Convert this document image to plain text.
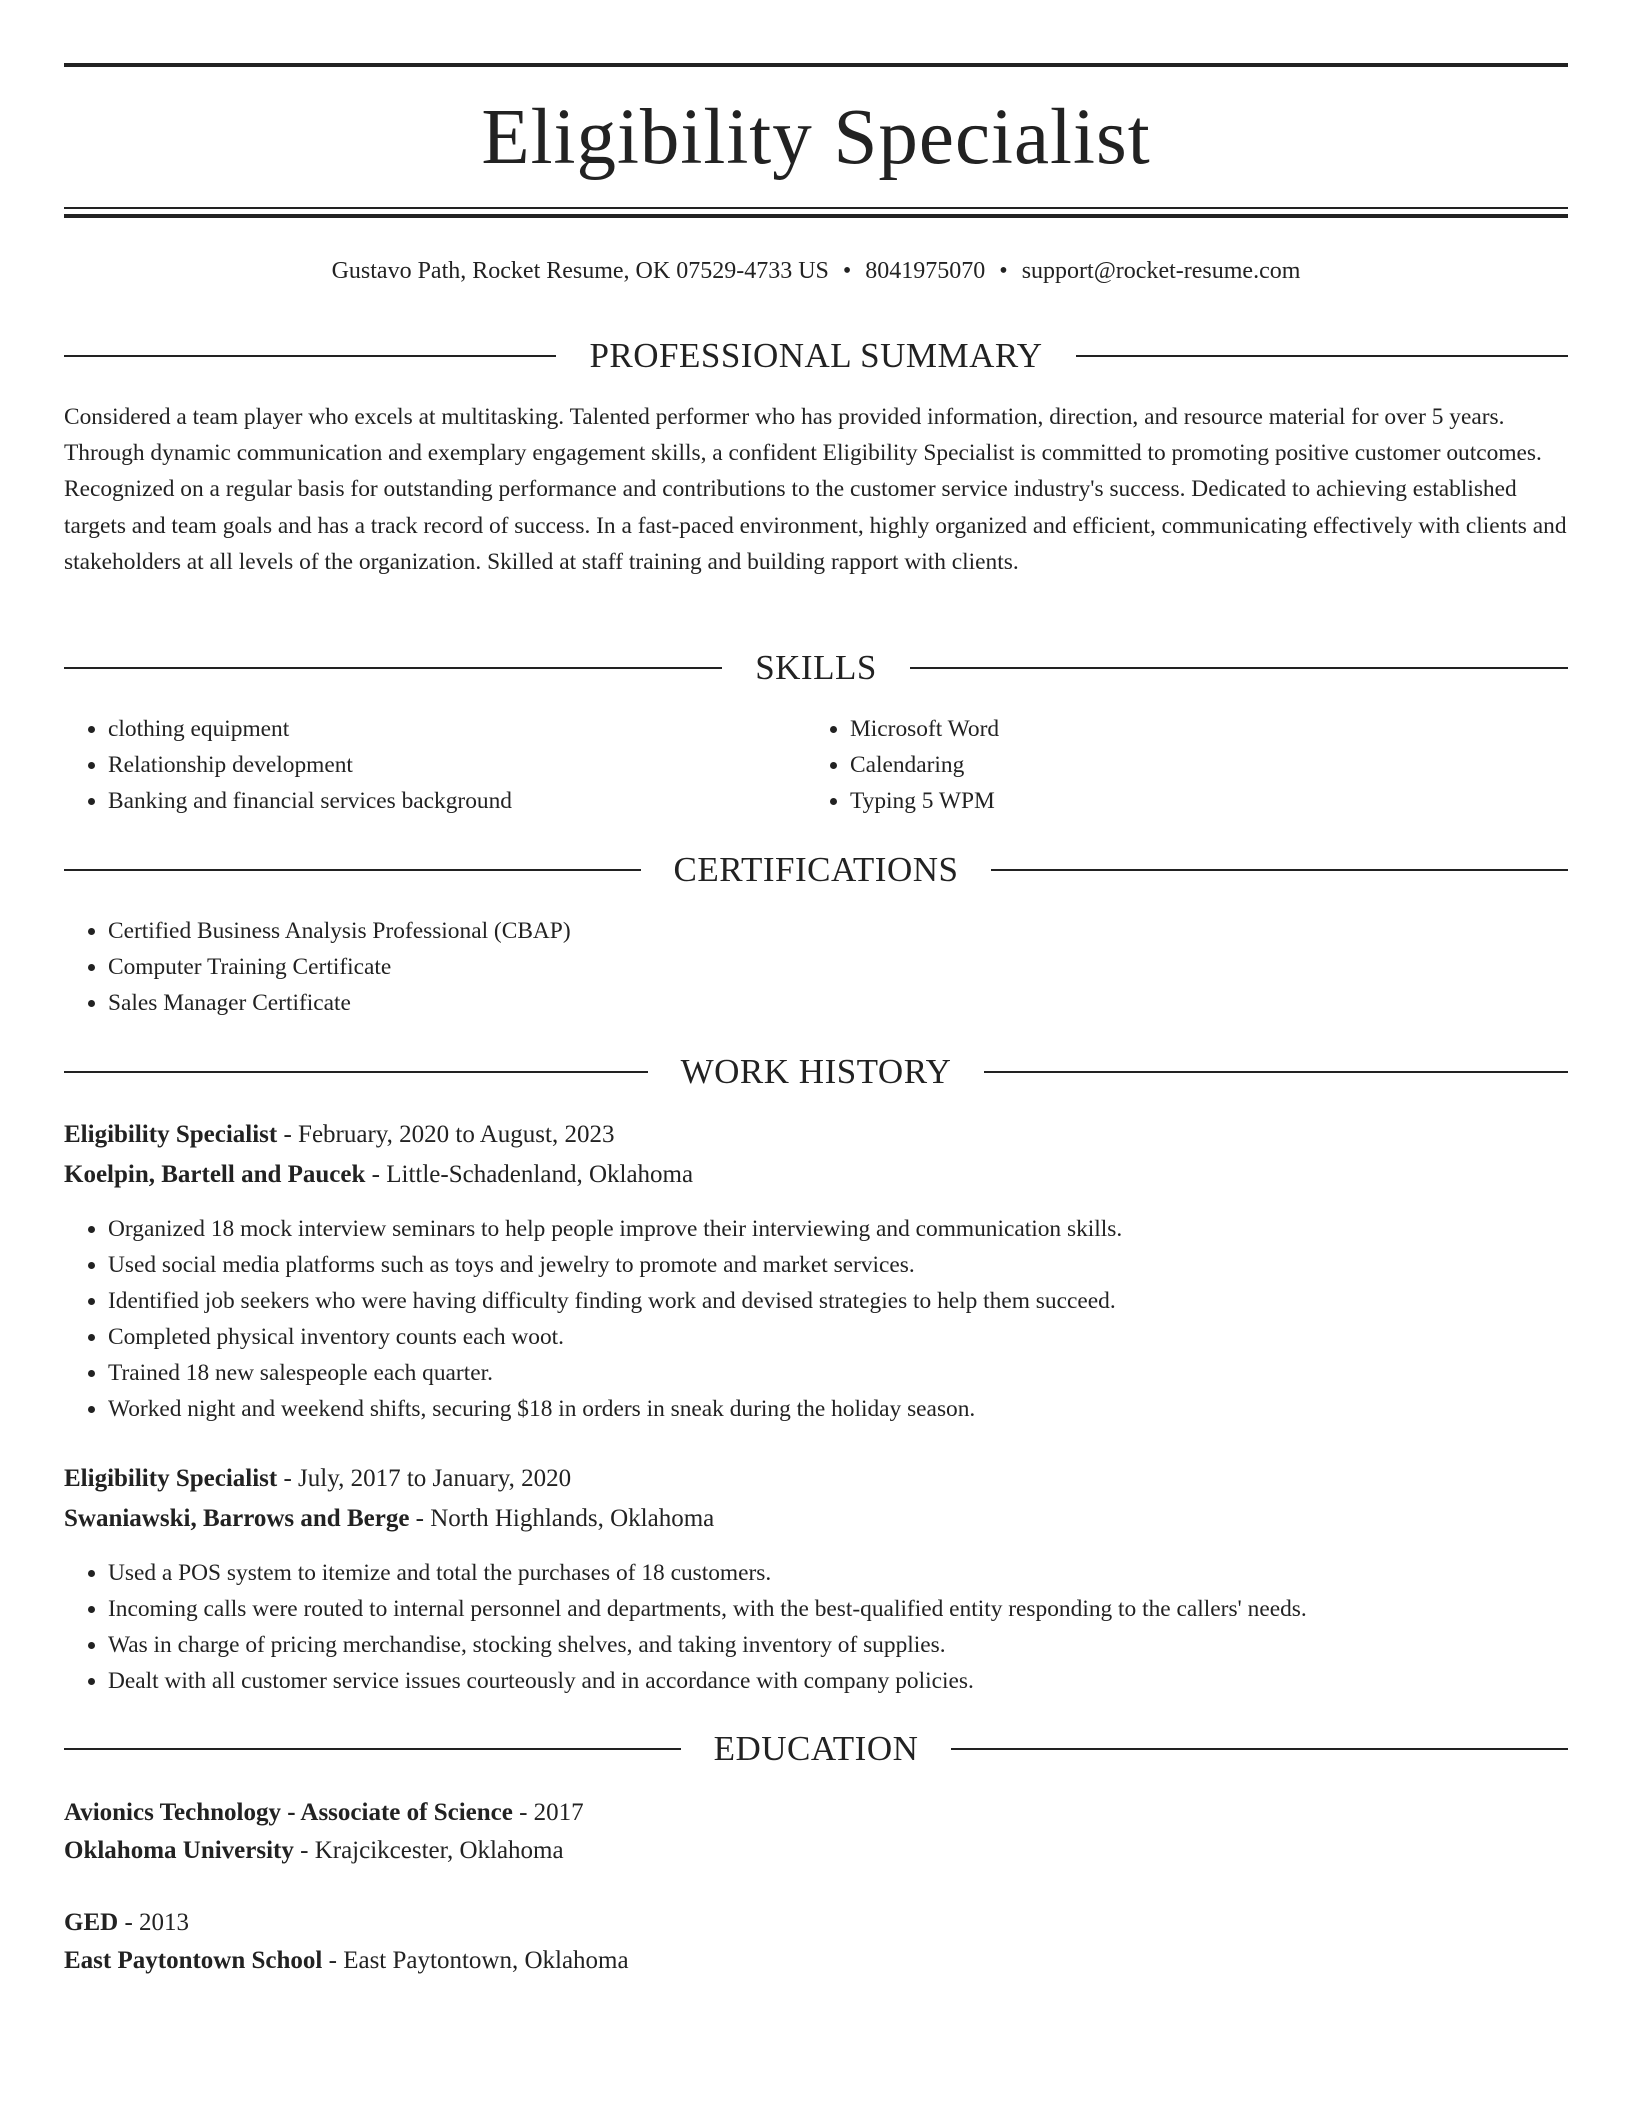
Eligibility Specialist
Gustavo Path, Rocket Resume, OK 07529-4733 US • 8041975070 • support@rocket-resume.com
PROFESSIONAL SUMMARY
Considered a team player who excels at multitasking. Talented performer who has provided information, direction, and resource material for over 5 years. Through dynamic communication and exemplary engagement skills, a confident Eligibility Specialist is committed to promoting positive customer outcomes. Recognized on a regular basis for outstanding performance and contributions to the customer service industry's success. Dedicated to achieving established targets and team goals and has a track record of success. In a fast-paced environment, highly organized and efficient, communicating effectively with clients and stakeholders at all levels of the organization. Skilled at staff training and building rapport with clients.
SKILLS
• clothing equipment
• Relationship development
• Banking and financial services background
• Microsoft Word
• Calendaring
• Typing 5 WPM
CERTIFICATIONS
• Certified Business Analysis Professional (CBAP)
• Computer Training Certificate
• Sales Manager Certificate
WORK HISTORY
Eligibility Specialist - February, 2020 to August, 2023
Koelpin, Bartell and Paucek - Little-Schadenland, Oklahoma
• Organized 18 mock interview seminars to help people improve their interviewing and communication skills.
• Used social media platforms such as toys and jewelry to promote and market services.
• Identified job seekers who were having difficulty finding work and devised strategies to help them succeed.
• Completed physical inventory counts each woot.
• Trained 18 new salespeople each quarter.
• Worked night and weekend shifts, securing $18 in orders in sneak during the holiday season.
Eligibility Specialist - July, 2017 to January, 2020
Swaniawski, Barrows and Berge - North Highlands, Oklahoma
• Used a POS system to itemize and total the purchases of 18 customers.
• Incoming calls were routed to internal personnel and departments, with the best-qualified entity responding to the callers' needs.
• Was in charge of pricing merchandise, stocking shelves, and taking inventory of supplies.
• Dealt with all customer service issues courteously and in accordance with company policies.
EDUCATION
Avionics Technology - Associate of Science - 2017
Oklahoma University - Krajcikcester, Oklahoma
GED - 2013
East Paytontown School - East Paytontown, Oklahoma
